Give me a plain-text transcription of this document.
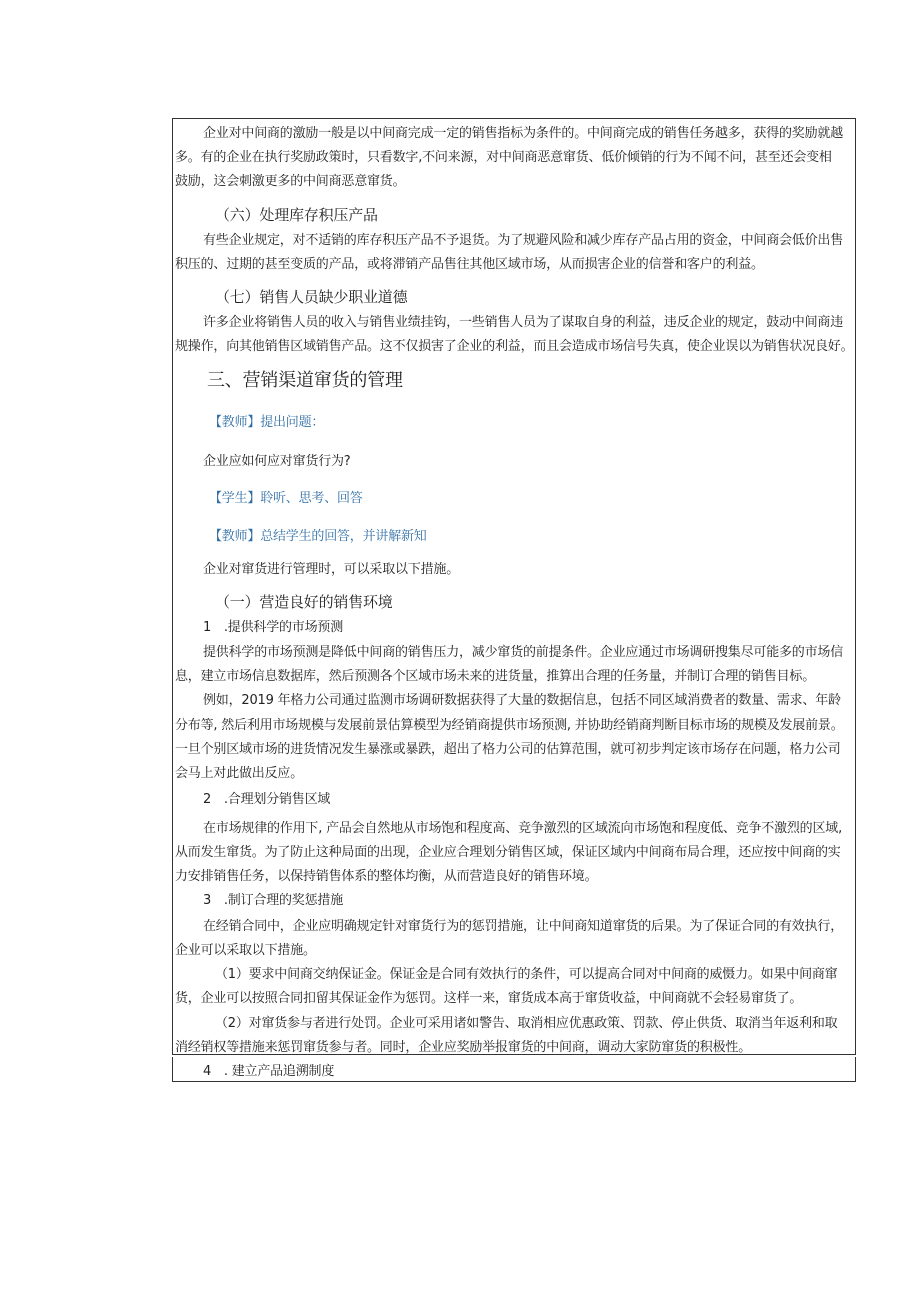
企业对中间商的激励一般是以中间商完成一定的销售指标为条件的。中间商完成的销售任务越多，获得的奖励就越
多。有的企业在执行奖励政策时，只看数字,不问来源，对中间商恶意窜货、低价倾销的行为不闻不问，甚至还会变相
鼓励，这会刺激更多的中间商恶意窜货。
（六）处理库存积压产品
有些企业规定，对不适销的库存积压产品不予退货。为了规避风险和减少库存产品占用的资金，中间商会低价出售
积压的、过期的甚至变质的产品，或将滞销产品售往其他区域市场，从而损害企业的信誉和客户的利益。
（七）销售人员缺少职业道德
许多企业将销售人员的收入与销售业绩挂钩，一些销售人员为了谋取自身的利益，违反企业的规定，鼓动中间商违
规操作，向其他销售区域销售产品。这不仅损害了企业的利益，而且会造成市场信号失真，使企业误以为销售状况良好。
三、营销渠道窜货的管理
【教师】提出问题：
企业应如何应对窜货行为?
【学生】聆听、思考、回答
【教师】总结学生的回答，并讲解新知
企业对窜货进行管理时，可以采取以下措施。
（一）营造良好的销售环境
1　.提供科学的市场预测
提供科学的市场预测是降低中间商的销售压力，减少窜货的前提条件。企业应通过市场调研搜集尽可能多的市场信
息，建立市场信息数据库，然后预测各个区域市场未来的进货量，推算出合理的任务量，并制订合理的销售目标。
例如，2019 年格力公司通过监测市场调研数据获得了大量的数据信息，包括不同区域消费者的数量、需求、年龄
分布等, 然后利用市场规模与发展前景估算模型为经销商提供市场预测, 并协助经销商判断目标市场的规模及发展前景。
一旦个别区域市场的进货情况发生暴涨或暴跌，超出了格力公司的估算范围，就可初步判定该市场存在问题，格力公司
会马上对此做出反应。
2　.合理划分销售区域
在市场规律的作用下, 产品会自然地从市场饱和程度高、竞争激烈的区域流向市场饱和程度低、竞争不激烈的区域,
从而发生窜货。为了防止这种局面的出现，企业应合理划分销售区域，保证区域内中间商布局合理，还应按中间商的实
力安排销售任务，以保持销售体系的整体均衡，从而营造良好的销售环境。
3　.制订合理的奖惩措施
在经销合同中，企业应明确规定针对窜货行为的惩罚措施，让中间商知道窜货的后果。为了保证合同的有效执行，
企业可以采取以下措施。
（1）要求中间商交纳保证金。保证金是合同有效执行的条件，可以提高合同对中间商的威慑力。如果中间商窜
货，企业可以按照合同扣留其保证金作为惩罚。这样一来，窜货成本高于窜货收益，中间商就不会轻易窜货了。
（2）对窜货参与者进行处罚。企业可采用诸如警告、取消相应优惠政策、罚款、停止供货、取消当年返利和取
消经销权等措施来惩罚窜货参与者。同时，企业应奖励举报窜货的中间商，调动大家防窜货的积极性。
4　. 建立产品追溯制度
